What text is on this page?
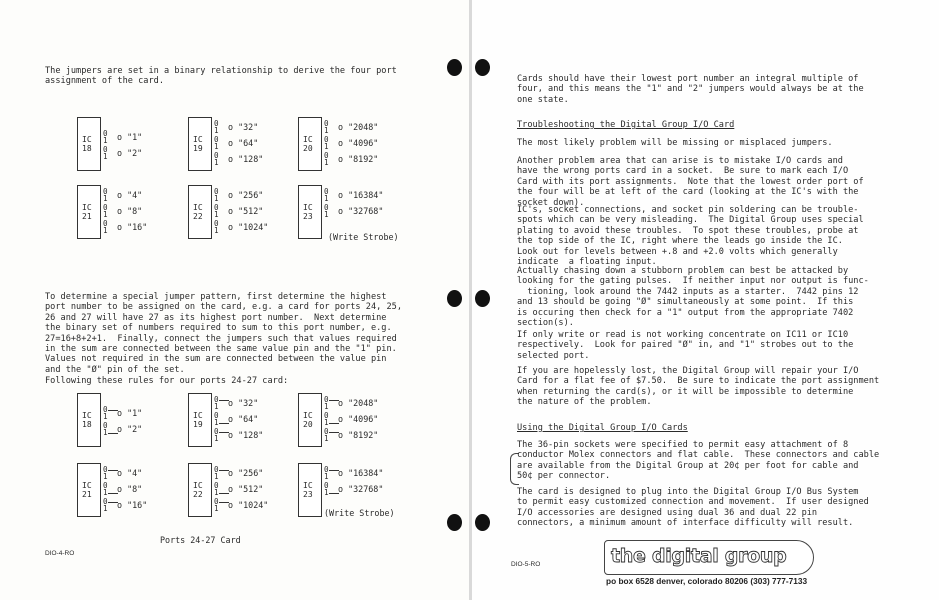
The jumpers are set in a binary relationship to derive the four port
assignment of the card.

(Write Strobe)

To determine a special jumper pattern, first determine the highest
port number to be assigned on the card, e.g. a card for ports 24, 25,
26 and 27 will have 27 as its highest port number.  Next determine
the binary set of numbers required to sum to this port number, e.g.
27=16+8+2+1.  Finally, connect the jumpers such that values required
in the sum are connected between the same value pin and the "1" pin.
Values not required in the sum are connected between the value pin
and the "Ø" pin of the set.

Following these rules for our ports 24-27 card:

(Write Strobe)
Ports 24-27 Card
DIO-4-RO

Cards should have their lowest port number an integral multiple of
four, and this means the "1" and "2" jumpers would always be at the
one state.

Troubleshooting the Digital Group I/O Card

The most likely problem will be missing or misplaced jumpers.

Another problem area that can arise is to mistake I/O cards and
have the wrong ports card in a socket.  Be sure to mark each I/O
Card with its port assignments.  Note that the lowest order port of
the four will be at left of the card (looking at the IC's with the
socket down).

IC's, socket connections, and socket pin soldering can be trouble-
spots which can be very misleading.  The Digital Group uses special
plating to avoid these troubles.  To spot these troubles, probe at
the top side of the IC, right where the leads go inside the IC.
Look out for levels between +.8 and +2.0 volts which generally
indicate  a floating input.

Actually chasing down a stubborn problem can best be attacked by
looking for the gating pulses.  If neither input nor output is func-
tioning, look around the 7442 inputs as a starter.  7442 pins 12
and 13 should be going "Ø" simultaneously at some point.  If this
is occuring then check for a "1" output from the appropriate 7402
section(s).

If only write or read is not working concentrate on IC11 or IC10
respectively.  Look for paired "Ø" in, and "1" strobes out to the
selected port.

If you are hopelessly lost, the Digital Group will repair your I/O
Card for a flat fee of $7.50.  Be sure to indicate the port assignment
when returning the card(s), or it will be impossible to determine
the nature of the problem.

Using the Digital Group I/O Cards

The 36-pin sockets were specified to permit easy attachment of 8
conductor Molex connectors and flat cable.  These connectors and cable
are available from the Digital Group at 20¢ per foot for cable and
50¢ per connector.

The card is designed to plug into the Digital Group I/O Bus System
to permit easy customized connection and movement.  If user designed
I/O accessories are designed using dual 36 and dual 22 pin
connectors, a minimum amount of interface difficulty will result.

DIO-5-RO	the digital group
po box 6528 denver, colorado 80206 (303) 777-7133
IC
18
0
1 o "1"
0
1 o "2"
IC
19
0
1 o "32"
0
1 o "64"
0
1 o "128"
IC
20
0
1 o "2048"
0
1 o "4096"
0
1 o "8192"
IC
21
0
1 o "4"
0
1 o "8"
0
1 o "16"
IC
22
0
1 o "256"
0
1 o "512"
0
1 o "1024"
IC
23
0
1 o "16384"
0
1 o "32768"
IC
18
0
1 o "1"
0
1 o "2"
IC
19
0
1 o "32"
0
1 o "64"
0
1 o "128"
IC
20
0
1 o "2048"
0
1 o "4096"
0
1 o "8192"
IC
21
0
1 o "4"
0
1 o "8"
0
1 o "16"
IC
22
0
1 o "256"
0
1 o "512"
0
1 o "1024"
IC
23
0
1 o "16384"
0
1 o "32768"
